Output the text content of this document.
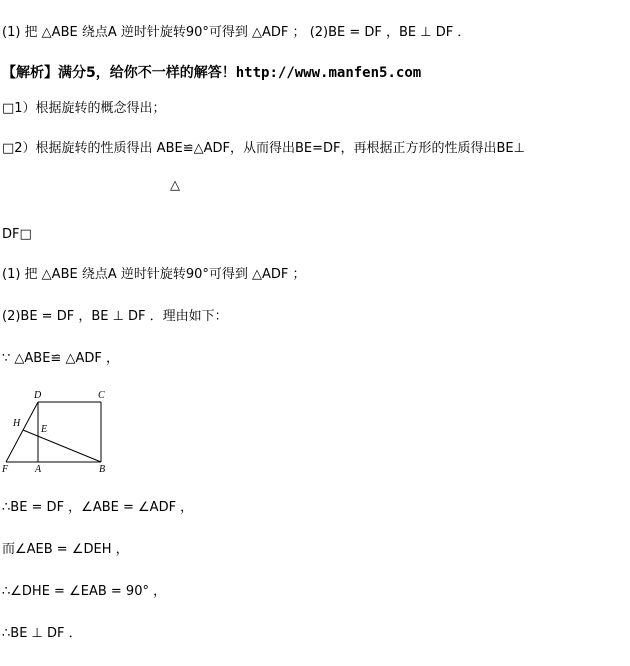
(1) 把 △ABE 绕点A 逆时针旋转90°可得到 △ADF ； (2)BE = DF ，BE ⊥ DF ．
【解析】满分5，给你不一样的解答！http://www.manfen5.com
□1）根据旋转的概念得出；
□2）根据旋转的性质得出 ABE≌△ADF，从而得出BE=DF，再根据正方形的性质得出BE⊥
△
DF□
(1) 把 △ABE 绕点A 逆时针旋转90°可得到 △ADF ；
(2)BE = DF ，BE ⊥ DF ．理由如下：
∵ △ABE≌ △ADF ，
D	C
H
E
F	A	B
∴BE = DF ，∠ABE = ∠ADF ，
而∠AEB = ∠DEH ，
∴∠DHE = ∠EAB = 90° ，
∴BE ⊥ DF ．
